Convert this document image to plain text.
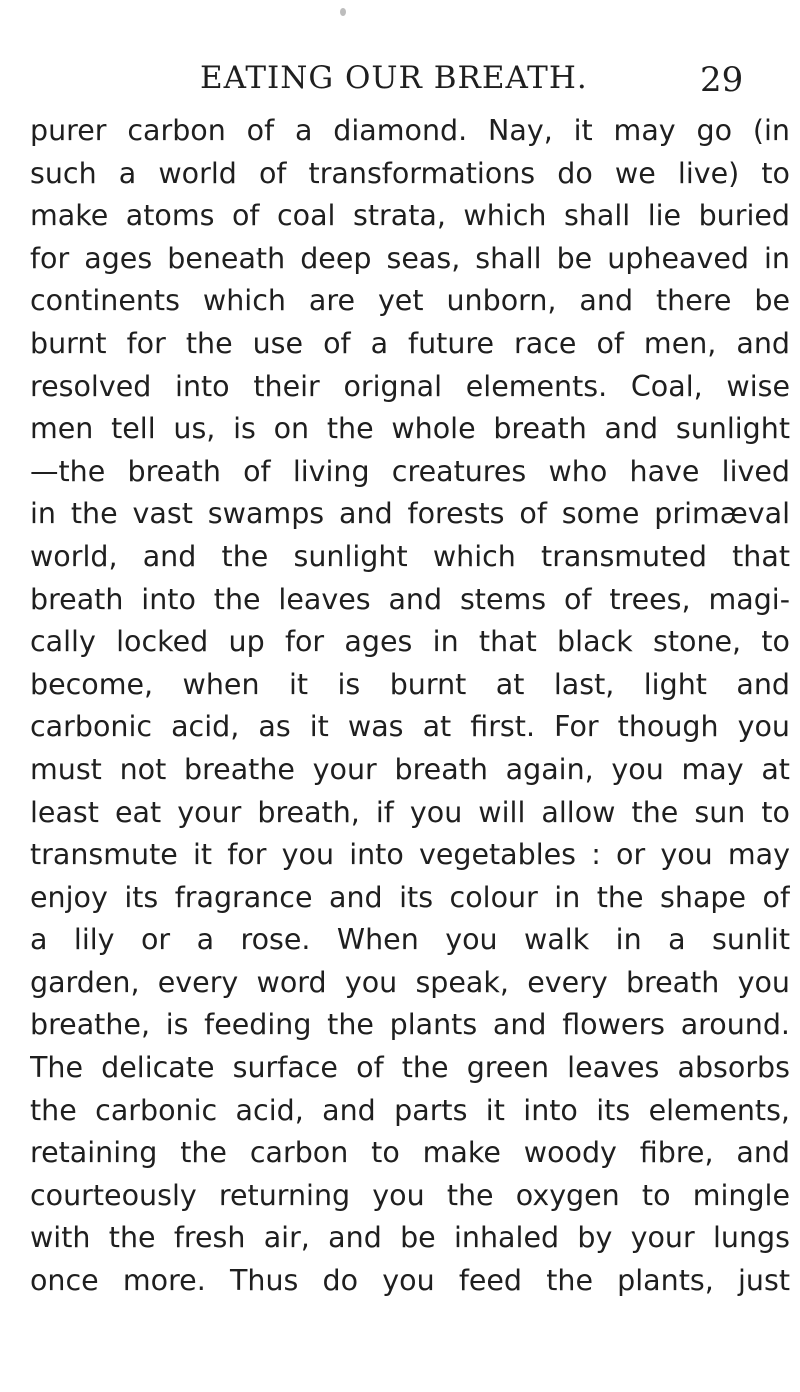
EATING OUR BREATH.	29
purer carbon of a diamond. Nay, it may go (in
such a world of transformations do we live) to
make atoms of coal strata, which shall lie buried
for ages beneath deep seas, shall be upheaved in
continents which are yet unborn, and there be
burnt for the use of a future race of men, and
resolved into their orignal elements. Coal, wise
men tell us, is on the whole breath and sunlight
—the breath of living creatures who have lived
in the vast swamps and forests of some primæval
world, and the sunlight which transmuted that
breath into the leaves and stems of trees, magi-
cally locked up for ages in that black stone, to
become, when it is burnt at last, light and
carbonic acid, as it was at first. For though you
must not breathe your breath again, you may at
least eat your breath, if you will allow the sun to
transmute it for you into vegetables : or you may
enjoy its fragrance and its colour in the shape of
a lily or a rose. When you walk in a sunlit
garden, every word you speak, every breath you
breathe, is feeding the plants and flowers around.
The delicate surface of the green leaves absorbs
the carbonic acid, and parts it into its elements,
retaining the carbon to make woody fibre, and
courteously returning you the oxygen to mingle
with the fresh air, and be inhaled by your lungs
once more. Thus do you feed the plants, just
